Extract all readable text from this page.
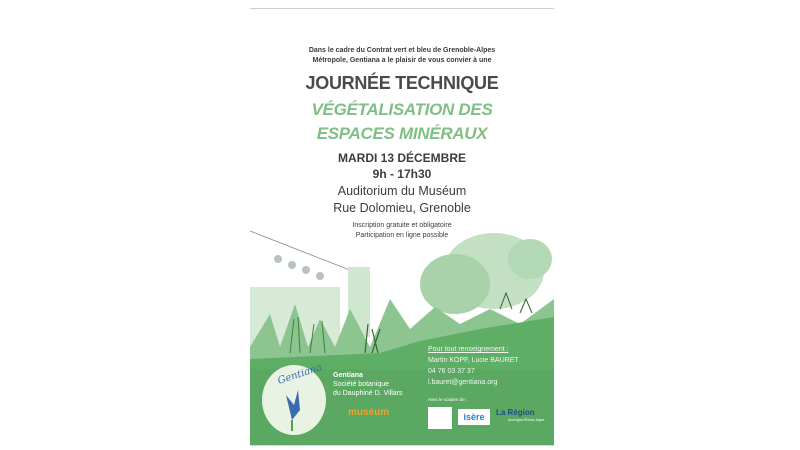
Dans le cadre du Contrat vert et bleu de Grenoble-Alpes
Métropole, Gentiana a le plaisir de vous convier à une
JOURNÉE TECHNIQUE
VÉGÉTALISATION DES
ESPACES MINÉRAUX
MARDI 13 DÉCEMBRE
9h - 17h30
Auditorium du Muséum
Rue Dolomieu, Grenoble
Inscription gratuite et obligatoire
Participation en ligne possible
Pour tout renseignement :
Martin KOPF, Lucie BAURET
04 76 03 37 37
l.bauret@gentiana.org
Gentiana Gentiana
Société botanique
du Dauphiné D. Villars
muséum
Avec le soutien de :
isère	La Région
Auvergne-Rhône-Alpes
